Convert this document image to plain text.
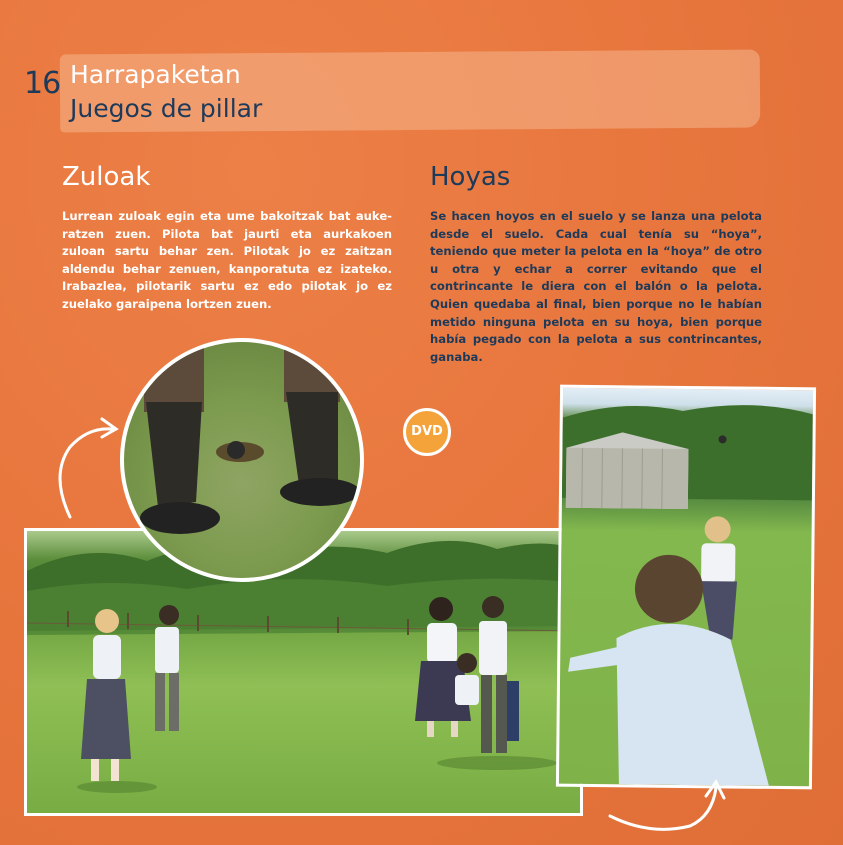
16 Harrapaketan
Juegos de pillar
Zuloak
Lurrean zuloak egin eta ume bakoitzak bat auke-ratzen zuen. Pilota bat jaurti eta aurkakoen zuloan sartu behar zen. Pilotak jo ez zaitzan aldendu behar zenuen, kanporatuta ez izateko. Irabazlea, pilotarik sartu ez edo pilotak jo ez zuelako garaipena lortzen zuen.
Hoyas
Se hacen hoyos en el suelo y se lanza una pelota desde el suelo. Cada cual tenía su “hoya”, teniendo que meter la pelota en la “hoya” de otro u otra y echar a correr evitando que el contrincante le diera con el balón o la pelota. Quien quedaba al final, bien porque no le habían metido ninguna pelota en su hoya, bien porque había pegado con la pelota a sus contrincantes, ganaba.
DVD
